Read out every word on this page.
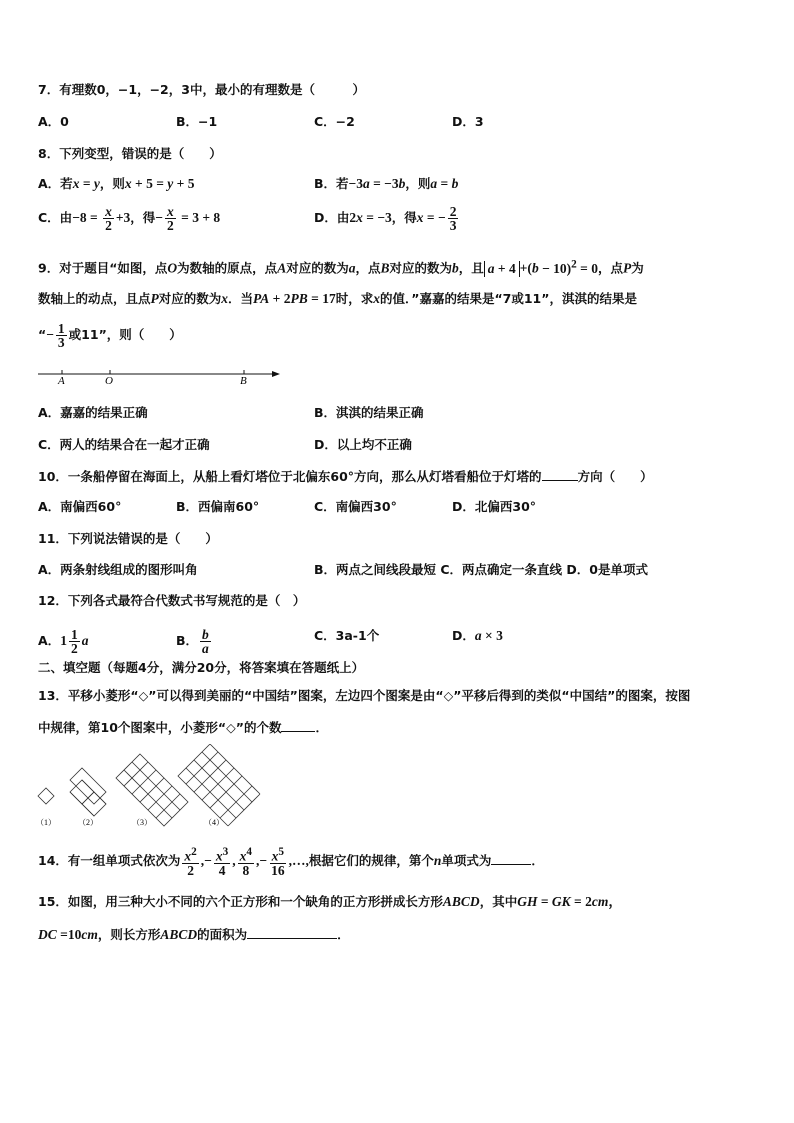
7．有理数0，−1，−2，3中，最小的有理数是（　　　）
A．0	B．−1	C．−2	D．3
8．下列变型，错误的是（　　）
A．若x = y，则x + 5 = y + 5	B．若−3a = −3b，则a = b
C．由$-8 = \frac{x}{2} +3$，得− $\frac{x}{2} = 3 + 8$	D．由2x = −3，得x = − $\frac{2}{3}$
9．对于题目“如图，点O为数轴的原点，点A对应的数为a，点B对应的数为b，且 $a + 4 +(b - 10)^2 = 0$，点P为
数轴上的动点，且点P对应的数为x．当PA + 2PB = 17时，求x的值．”嘉嘉的结果是“7或11”，淇淇的结果是
“− $\frac{1}{3}$ 或11”，则（　　）
A	O	B
A．嘉嘉的结果正确	B．淇淇的结果正确
C．两人的结果合在一起才正确	D．以上均不正确
10．一条船停留在海面上，从船上看灯塔位于北偏东60°方向，那么从灯塔看船位于灯塔的	方向（　　）
A．南偏西60°	B．西偏南60°	C．南偏西30°	D．北偏西30°
11．下列说法错误的是（　　）
A．两条射线组成的图形叫角	B．两点之间线段最短 C．两点确定一条直线 D．0是单项式
12．下列各式最符合代数式书写规范的是（　）
A．$1 \frac{1}{2}$ a	B． $\frac{b}{a}$	C．3a-1个	D．a × 3
二、填空题（每题4分，满分20分，将答案填在答题纸上）
13．平移小菱形“◇”可以得到美丽的“中国结”图案，左边四个图案是由“◇”平移后得到的类似“中国结”的图案，按图
中规律，第10个图案中，小菱形“◇”的个数	．
（1）	（2）	（3）	（4）
14．有一组单项式依次为 $\frac{x^2}{2}$ ,− $\frac{x^3}{4}$ , $\frac{x^4}{8}$ ,− $\frac{x^5}{16}$ ,…,根据它们的规律，第个n单项式为	．
15．如图，用三种大小不同的六个正方形和一个缺角的正方形拼成长方形ABCD，其中GH = GK = 2cm，
DC =10cm，则长方形ABCD的面积为	．
